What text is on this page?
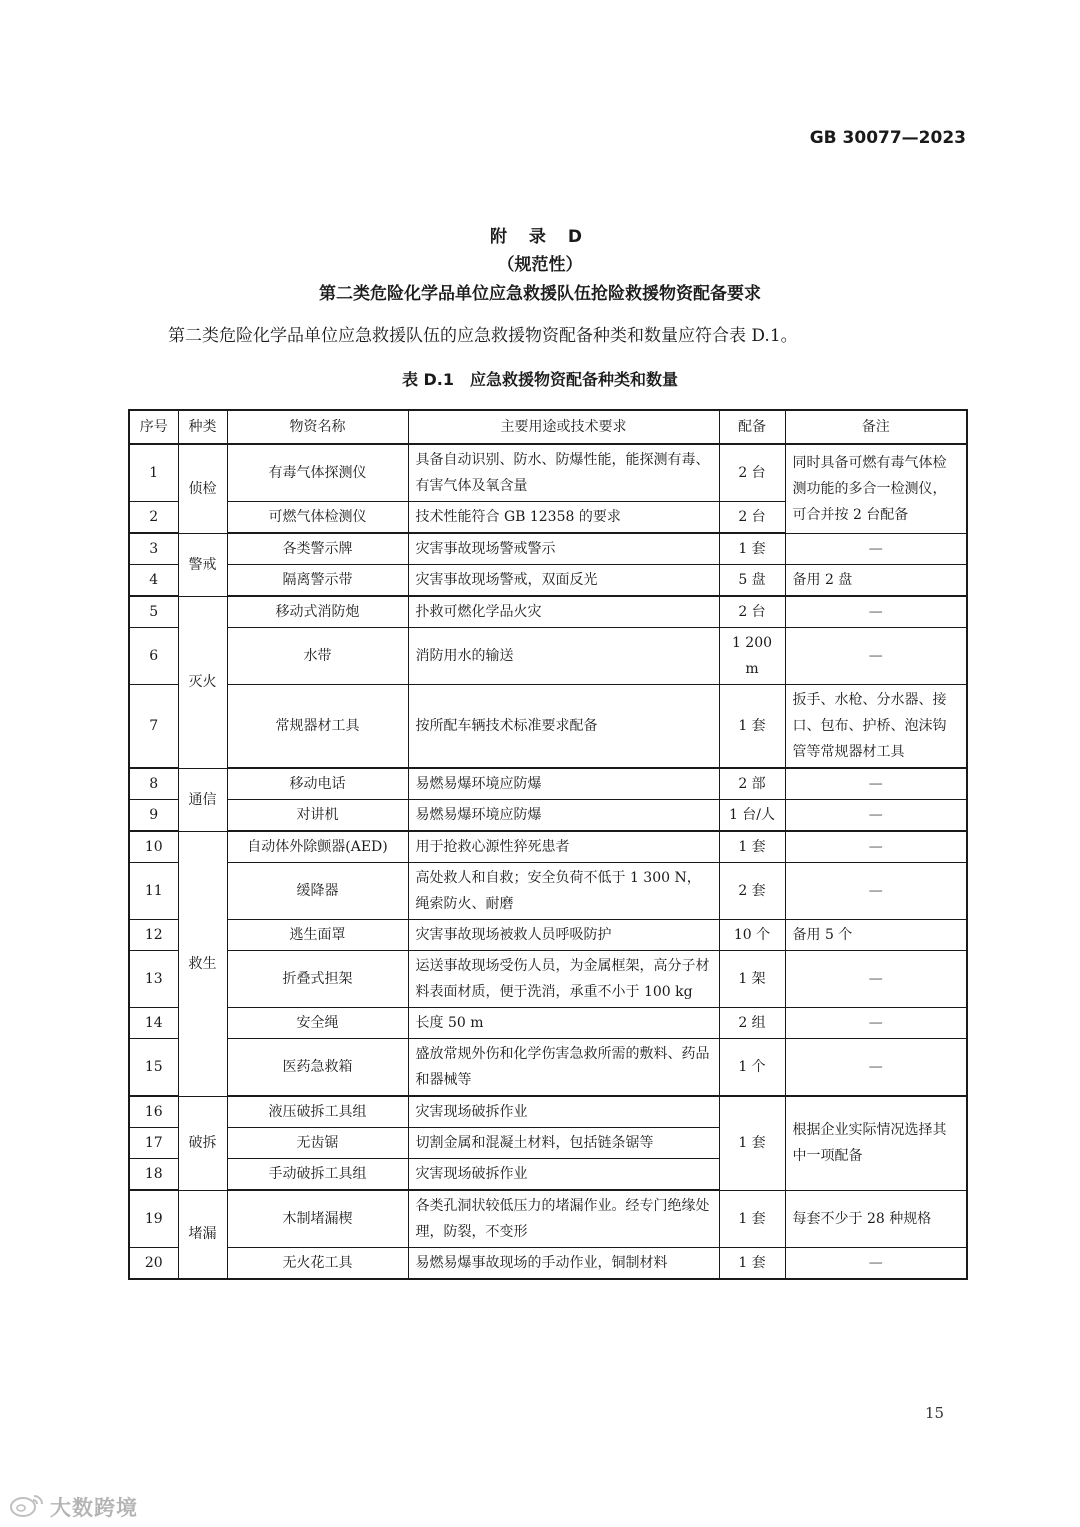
GB 30077—2023
附 录 D
（规范性）
第二类危险化学品单位应急救援队伍抢险救援物资配备要求
第二类危险化学品单位应急救援队伍的应急救援物资配备种类和数量应符合表 D.1。
表 D.1　应急救援物资配备种类和数量
序号	种类	物资名称	主要用途或技术要求	配备	备注
1	侦检	有毒气体探测仪	具备自动识别、防水、防爆性能，能探测有毒、有害气体及氧含量	2 台	同时具备可燃有毒气体检测功能的多合一检测仪，可合并按 2 台配备
2		可燃气体检测仪	技术性能符合 GB 12358 的要求	2 台	
3	警戒	各类警示牌	灾害事故现场警戒警示	1 套	—
4		隔离警示带	灾害事故现场警戒，双面反光	5 盘	备用 2 盘
5	灭火	移动式消防炮	扑救可燃化学品火灾	2 台	—
6		水带	消防用水的输送	1 200 m	—
7		常规器材工具	按所配车辆技术标准要求配备	1 套	扳手、水枪、分水器、接口、包布、护桥、泡沫钩管等常规器材工具
8	通信	移动电话	易燃易爆环境应防爆	2 部	—
9		对讲机	易燃易爆环境应防爆	1 台/人	—
10	救生	自动体外除颤器(AED)	用于抢救心源性猝死患者	1 套	—
11		缓降器	高处救人和自救；安全负荷不低于 1 300 N，绳索防火、耐磨	2 套	—
12		逃生面罩	灾害事故现场被救人员呼吸防护	10 个	备用 5 个
13		折叠式担架	运送事故现场受伤人员，为金属框架，高分子材料表面材质，便于洗消，承重不小于 100 kg	1 架	—
14		安全绳	长度 50 m	2 组	—
15		医药急救箱	盛放常规外伤和化学伤害急救所需的敷料、药品和器械等	1 个	—
16	破拆	液压破拆工具组	灾害现场破拆作业	1 套	根据企业实际情况选择其中一项配备
17		无齿锯	切割金属和混凝土材料，包括链条锯等		
18		手动破拆工具组	灾害现场破拆作业		
19	堵漏	木制堵漏楔	各类孔洞状较低压力的堵漏作业。经专门绝缘处理，防裂，不变形	1 套	每套不少于 28 种规格
20		无火花工具	易燃易爆事故现场的手动作业，铜制材料	1 套	—
15
大数跨境
